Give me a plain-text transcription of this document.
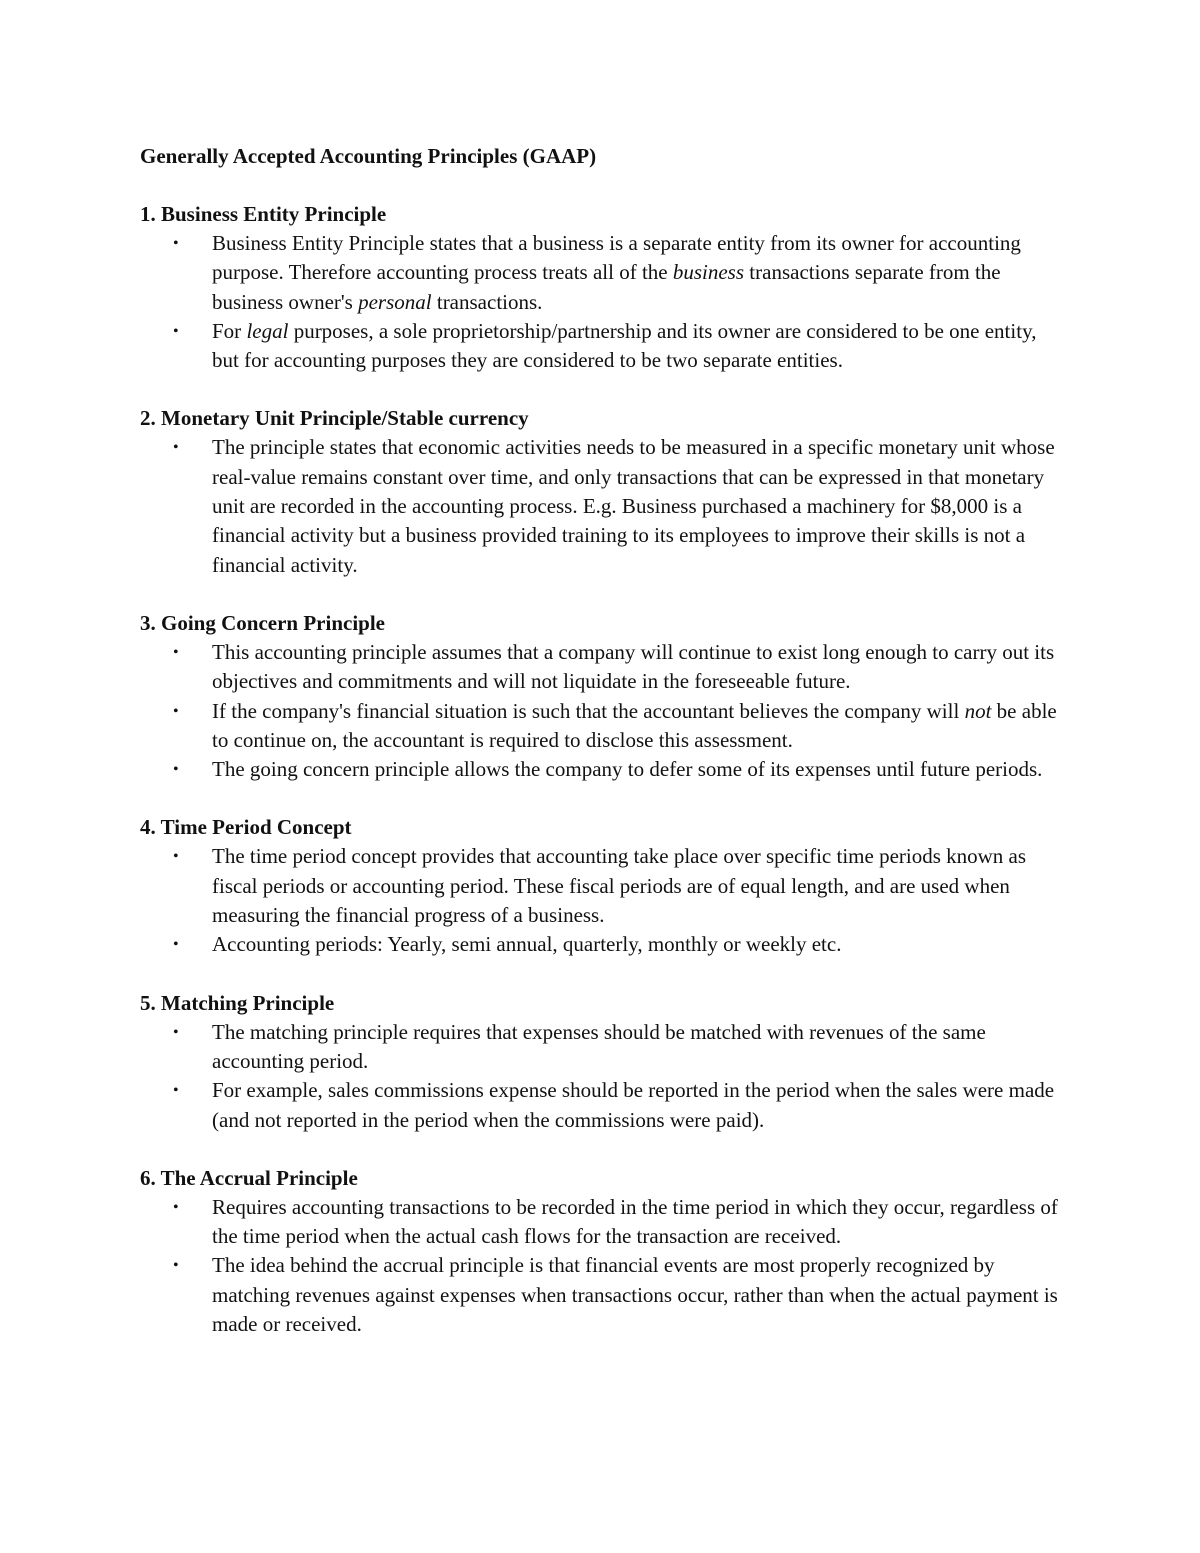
Generally Accepted Accounting Principles (GAAP)
1. Business Entity Principle
• Business Entity Principle states that a business is a separate entity from its owner for accounting purpose. Therefore accounting process treats all of the business transactions separate from the business owner's personal transactions.
• For legal purposes, a sole proprietorship/partnership and its owner are considered to be one entity, but for accounting purposes they are considered to be two separate entities.
2. Monetary Unit Principle/Stable currency
• The principle states that economic activities needs to be measured in a specific monetary unit whose real-value remains constant over time, and only transactions that can be expressed in that monetary unit are recorded in the accounting process. E.g. Business purchased a machinery for $8,000 is a financial activity but a business provided training to its employees to improve their skills is not a financial activity.
3. Going Concern Principle
• This accounting principle assumes that a company will continue to exist long enough to carry out its objectives and commitments and will not liquidate in the foreseeable future.
• If the company's financial situation is such that the accountant believes the company will not be able to continue on, the accountant is required to disclose this assessment.
• The going concern principle allows the company to defer some of its expenses until future periods.
4. Time Period Concept
• The time period concept provides that accounting take place over specific time periods known as fiscal periods or accounting period. These fiscal periods are of equal length, and are used when measuring the financial progress of a business.
• Accounting periods: Yearly, semi annual, quarterly, monthly or weekly etc.
5. Matching Principle
• The matching principle requires that expenses should be matched with revenues of the same accounting period.
• For example, sales commissions expense should be reported in the period when the sales were made (and not reported in the period when the commissions were paid).
6. The Accrual Principle
• Requires accounting transactions to be recorded in the time period in which they occur, regardless of the time period when the actual cash flows for the transaction are received.
• The idea behind the accrual principle is that financial events are most properly recognized by matching revenues against expenses when transactions occur, rather than when the actual payment is made or received.
